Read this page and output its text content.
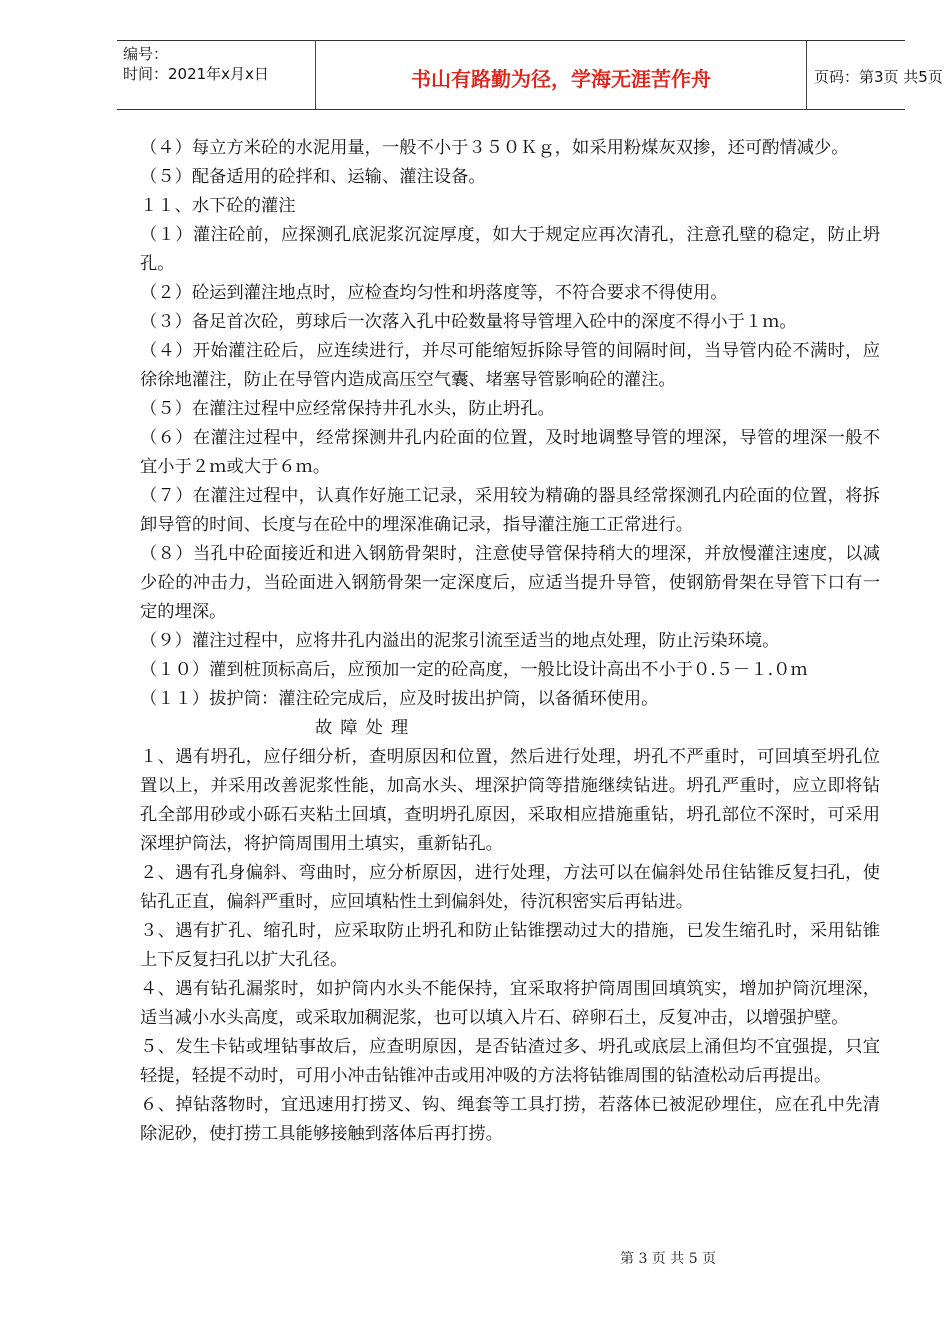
编号：
时间：2021年x月x日	书山有路勤为径，学海无涯苦作舟	页码：第3页 共5页

（４）每立方米砼的水泥用量，一般不小于３５０Ｋｇ，如采用粉煤灰双掺，还可酌情减少。

（５）配备适用的砼拌和、运输、灌注设备。

１１、水下砼的灌注

（１）灌注砼前，应探测孔底泥浆沉淀厚度，如大于规定应再次清孔，注意孔壁的稳定，防止坍孔。

（２）砼运到灌注地点时，应检查均匀性和坍落度等，不符合要求不得使用。

（３）备足首次砼，剪球后一次落入孔中砼数量将导管埋入砼中的深度不得小于１ｍ。

（４）开始灌注砼后，应连续进行，并尽可能缩短拆除导管的间隔时间，当导管内砼不满时，应徐徐地灌注，防止在导管内造成高压空气囊、堵塞导管影响砼的灌注。

（５）在灌注过程中应经常保持井孔水头，防止坍孔。

（６）在灌注过程中，经常探测井孔内砼面的位置，及时地调整导管的埋深，导管的埋深一般不宜小于２ｍ或大于６ｍ。

（７）在灌注过程中，认真作好施工记录，采用较为精确的器具经常探测孔内砼面的位置，将拆卸导管的时间、长度与在砼中的埋深准确记录，指导灌注施工正常进行。

（８）当孔中砼面接近和进入钢筋骨架时，注意使导管保持稍大的埋深，并放慢灌注速度，以减少砼的冲击力，当砼面进入钢筋骨架一定深度后，应适当提升导管，使钢筋骨架在导管下口有一定的埋深。

（９）灌注过程中，应将井孔内溢出的泥浆引流至适当的地点处理，防止污染环境。

（１０）灌到桩顶标高后，应预加一定的砼高度，一般比设计高出不小于０.５－１.０ｍ

（１１）拔护筒：灌注砼完成后，应及时拔出护筒，以备循环使用。

故障处理

１、遇有坍孔，应仔细分析，查明原因和位置，然后进行处理，坍孔不严重时，可回填至坍孔位置以上，并采用改善泥浆性能，加高水头、埋深护筒等措施继续钻进。坍孔严重时，应立即将钻孔全部用砂或小砾石夹粘土回填，查明坍孔原因，采取相应措施重钻，坍孔部位不深时，可采用深埋护筒法，将护筒周围用土填实，重新钻孔。

２、遇有孔身偏斜、弯曲时，应分析原因，进行处理，方法可以在偏斜处吊住钻锥反复扫孔，使钻孔正直，偏斜严重时，应回填粘性土到偏斜处，待沉积密实后再钻进。

３、遇有扩孔、缩孔时，应采取防止坍孔和防止钻锥摆动过大的措施，已发生缩孔时，采用钻锥上下反复扫孔以扩大孔径。

４、遇有钻孔漏浆时，如护筒内水头不能保持，宜采取将护筒周围回填筑实，增加护筒沉埋深，适当减小水头高度，或采取加稠泥浆，也可以填入片石、碎卵石土，反复冲击，以增强护壁。

５、发生卡钻或埋钻事故后，应查明原因，是否钻渣过多、坍孔或底层上涌但均不宜强提，只宜轻提，轻提不动时，可用小冲击钻锥冲击或用冲吸的方法将钻锥周围的钻渣松动后再提出。

６、掉钻落物时，宜迅速用打捞叉、钩、绳套等工具打捞，若落体已被泥砂埋住，应在孔中先清除泥砂，使打捞工具能够接触到落体后再打捞。

第 3 页 共 5 页
